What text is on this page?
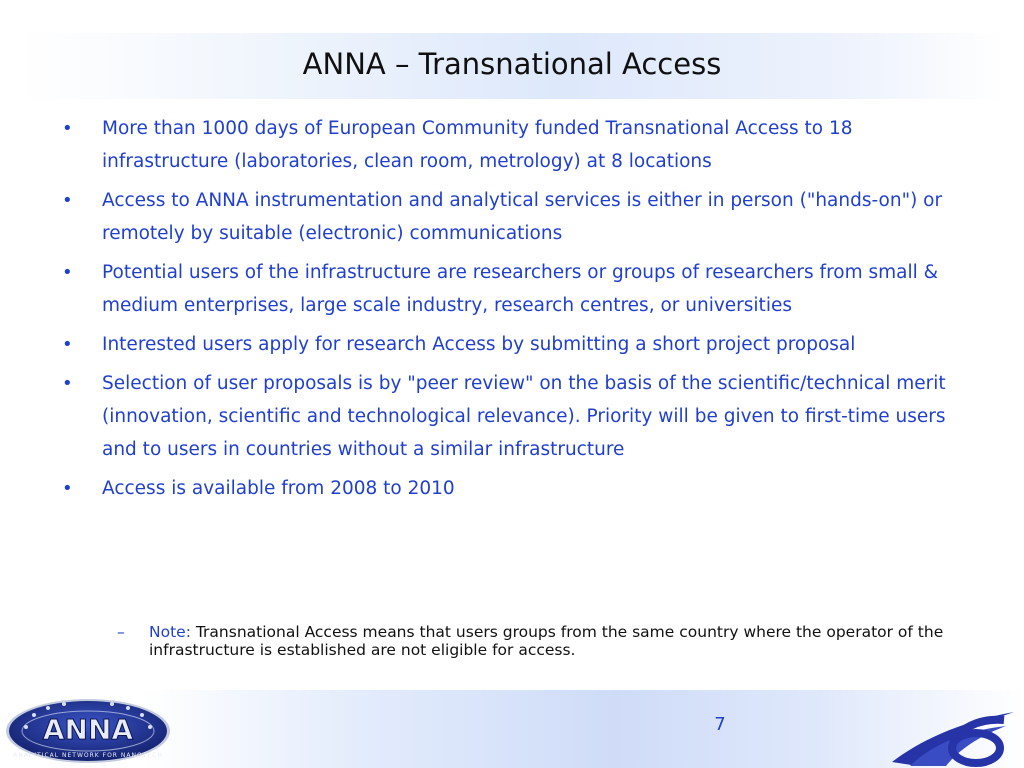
ANNA – Transnational Access
• More than 1000 days of European Community funded Transnational Access to 18 infrastructure (laboratories, clean room, metrology) at 8 locations
• Access to ANNA instrumentation and analytical services is either in person ("hands-on") or remotely by suitable (electronic) communications
• Potential users of the infrastructure are researchers or groups of researchers from small & medium enterprises, large scale industry, research centres, or universities
• Interested users apply for research Access by submitting a short project proposal
• Selection of user proposals is by "peer review" on the basis of the scientific/technical merit (innovation, scientific and technological relevance). Priority will be given to first-time users and to users in countries without a similar infrastructure
• Access is available from 2008 to 2010
–	Note: Transnational Access means that users groups from the same country where the operator of the infrastructure is established are not eligible for access.
ANNA
ANALYTICAL NETWORK FOR NANOTECH
7
